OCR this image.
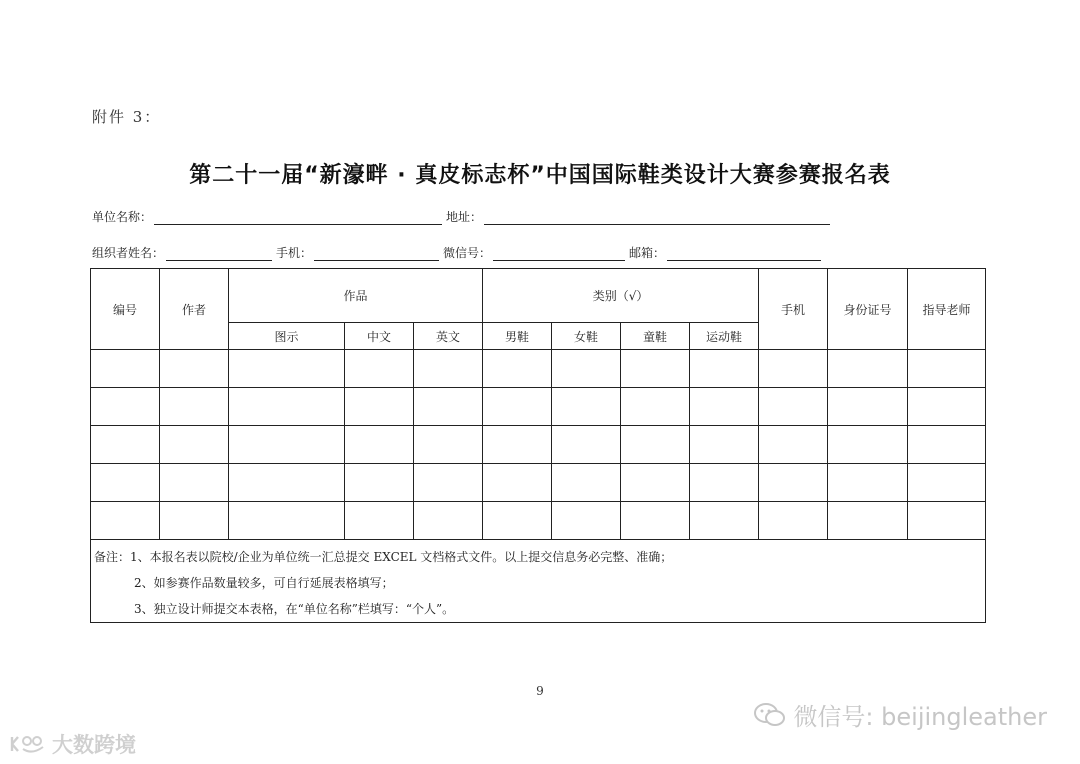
附件 3：
第二十一届“新濠畔 · 真皮标志杯”中国国际鞋类设计大赛参赛报名表
单位名称：	地址：
组织者姓名：	手机：	微信号：	邮箱：
编号	作者	作品			类别（√）				手机	身份证号	指导老师
		图示	中文	英文	男鞋	女鞋	童鞋	运动鞋			

备注：1、本报名表以院校/企业为单位统一汇总提交 EXCEL 文档格式文件。以上提交信息务必完整、准确；
2、如参赛作品数量较多，可自行延展表格填写；
3、独立设计师提交本表格，在“单位名称”栏填写：“个人”。											
9
微信号: beijingleather
大数跨境
